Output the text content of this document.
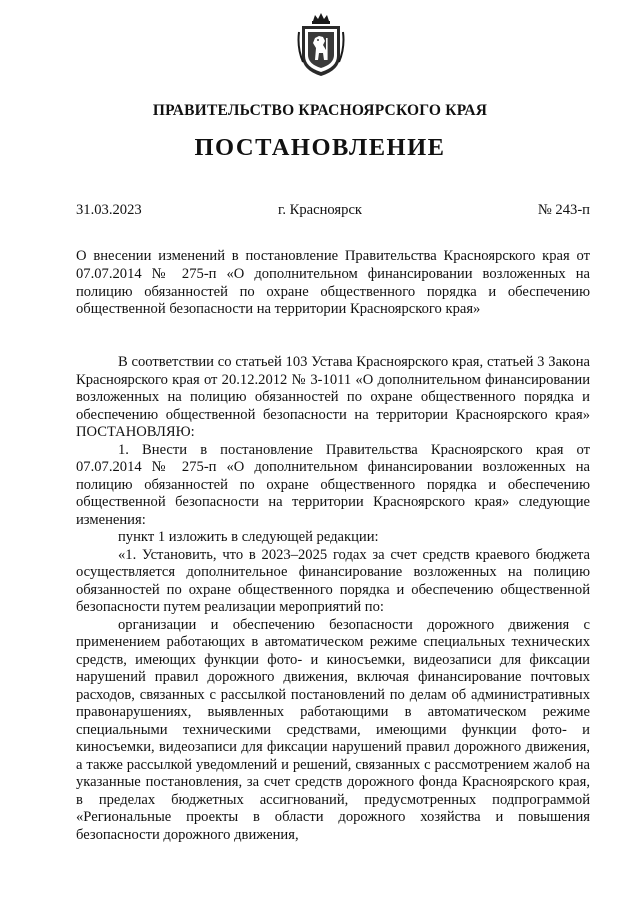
ПРАВИТЕЛЬСТВО КРАСНОЯРСКОГО КРАЯ
ПОСТАНОВЛЕНИЕ
31.03.2023	г. Красноярск	№ 243-п
О внесении изменений в постановление Правительства Красноярского края от 07.07.2014 № 275-п «О дополнительном финансировании возложенных на полицию обязанностей по охране общественного порядка и обеспечению общественной безопасности на территории Красноярского края»

В соответствии со статьей 103 Устава Красноярского края, статьей 3 Закона Красноярского края от 20.12.2012 № 3-1011 «О дополнительном финансировании возложенных на полицию обязанностей по охране общественного порядка и обеспечению общественной безопасности на территории Красноярского края» ПОСТАНОВЛЯЮ:

1. Внести в постановление Правительства Красноярского края от 07.07.2014 № 275-п «О дополнительном финансировании возложенных на полицию обязанностей по охране общественного порядка и обеспечению общественной безопасности на территории Красноярского края» следующие изменения:

пункт 1 изложить в следующей редакции:

«1. Установить, что в 2023–2025 годах за счет средств краевого бюджета осуществляется дополнительное финансирование возложенных на полицию обязанностей по охране общественного порядка и обеспечению общественной безопасности путем реализации мероприятий по:

организации и обеспечению безопасности дорожного движения с применением работающих в автоматическом режиме специальных технических средств, имеющих функции фото- и киносъемки, видеозаписи для фиксации нарушений правил дорожного движения, включая финансирование почтовых расходов, связанных с рассылкой постановлений по делам об административных правонарушениях, выявленных работающими в автоматическом режиме специальными техническими средствами, имеющими функции фото- и киносъемки, видеозаписи для фиксации нарушений правил дорожного движения, а также рассылкой уведомлений и решений, связанных с рассмотрением жалоб на указанные постановления, за счет средств дорожного фонда Красноярского края, в пределах бюджетных ассигнований, предусмотренных подпрограммой «Региональные проекты в области дорожного хозяйства и повышения безопасности дорожного движения,
